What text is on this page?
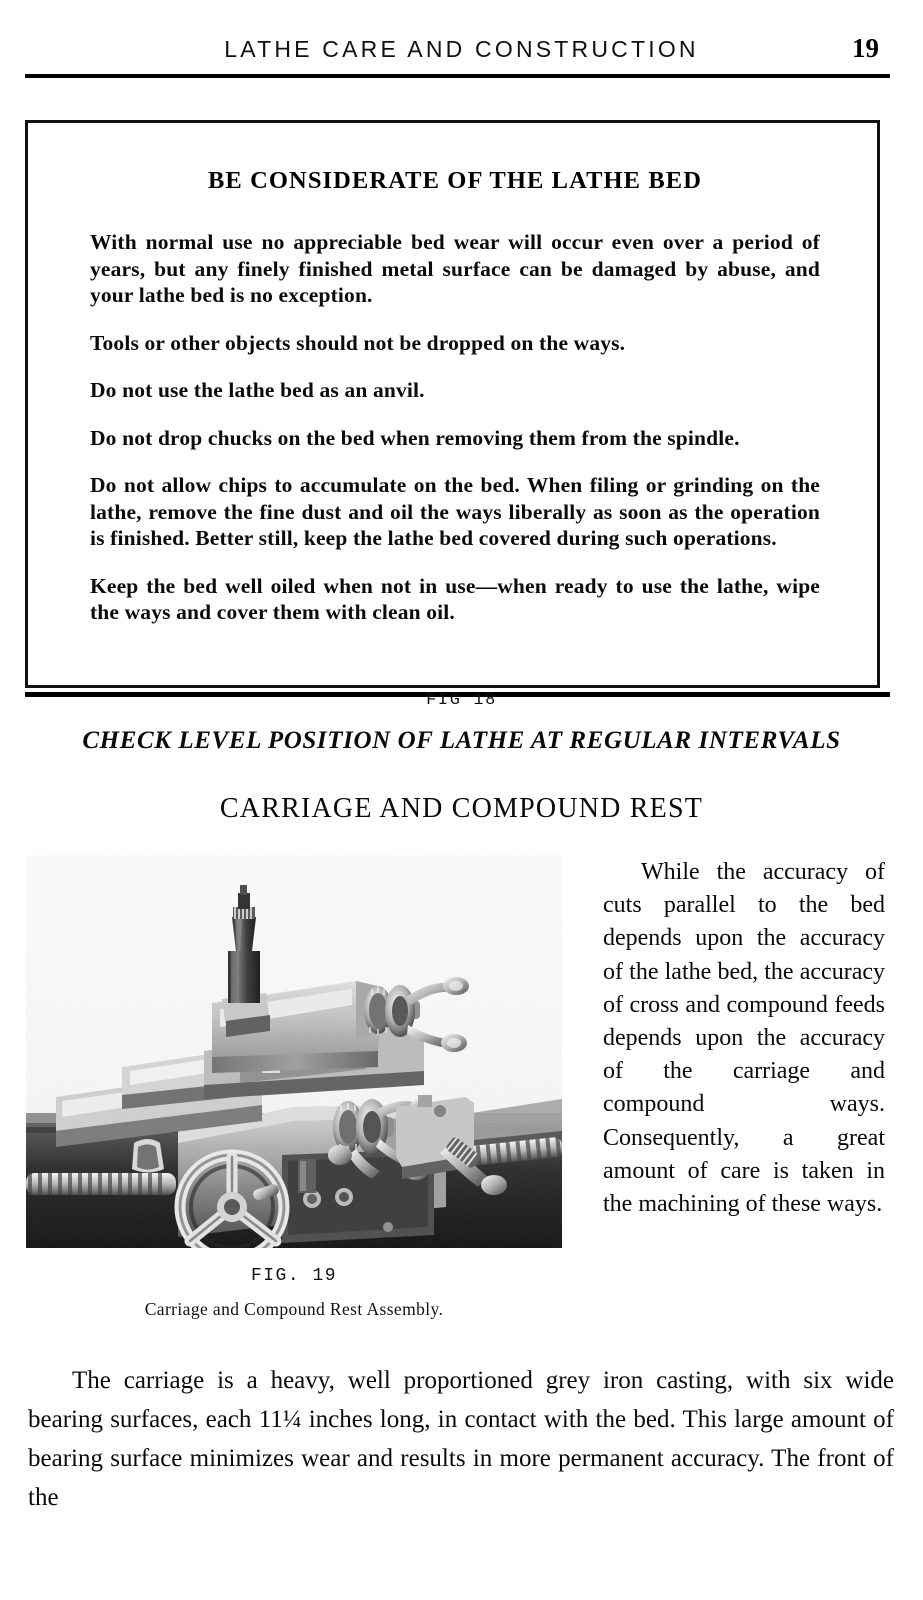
LATHE CARE AND CONSTRUCTION	19
BE CONSIDERATE OF THE LATHE BED

With normal use no appreciable bed wear will occur even over a period of years, but any finely finished metal surface can be damaged by abuse, and your lathe bed is no exception.

Tools or other objects should not be dropped on the ways.

Do not use the lathe bed as an anvil.

Do not drop chucks on the bed when removing them from the spindle.

Do not allow chips to accumulate on the bed. When filing or grinding on the lathe, remove the fine dust and oil the ways liberally as soon as the operation is finished. Better still, keep the lathe bed covered during such operations.

Keep the bed well oiled when not in use—when ready to use the lathe, wipe the ways and cover them with clean oil.

FIG 18
CHECK LEVEL POSITION OF LATHE AT REGULAR INTERVALS
CARRIAGE AND COMPOUND REST
FIG. 19
Carriage and Compound Rest Assembly.

While the accuracy of cuts parallel to the bed depends upon the accuracy of the lathe bed, the accuracy of cross and compound feeds depends upon the accuracy of the carriage and compound ways. Consequently, a great amount of care is taken in the machining of these ways.

The carriage is a heavy, well proportioned grey iron casting, with six wide bearing surfaces, each 11¼ inches long, in contact with the bed. This large amount of bearing surface minimizes wear and results in more permanent accuracy. The front of the
